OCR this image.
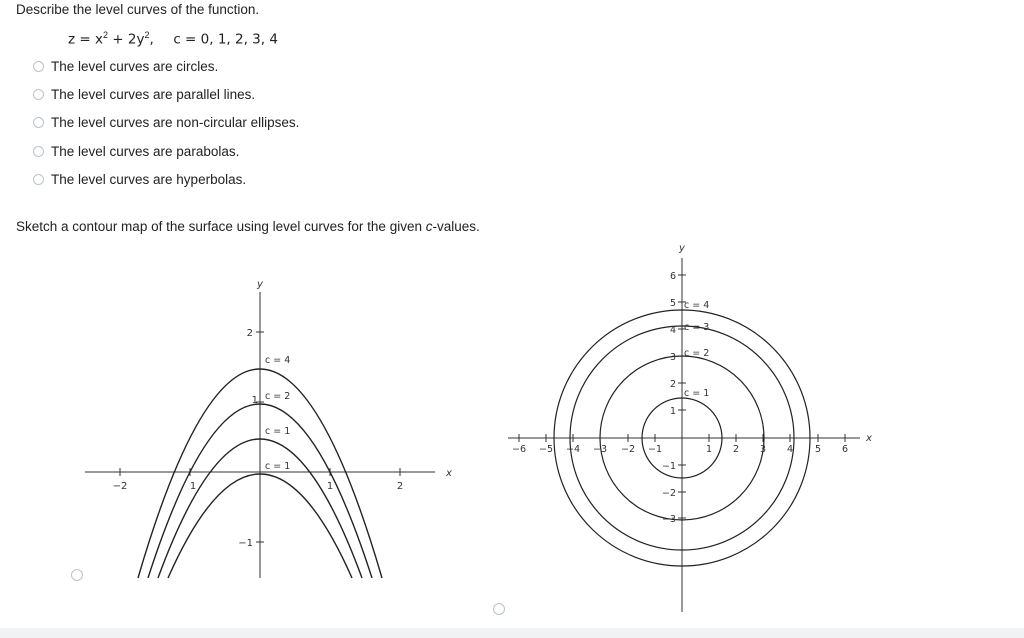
Describe the level curves of the function.
$z = x^2 + 2y^2$, c = 0, 1, 2, 3, 4
The level curves are circles.
The level curves are parallel lines.
The level curves are non-circular ellipses.
The level curves are parabolas.
The level curves are hyperbolas.
Sketch a contour map of the surface using level curves for the given c-values.
−2	1	1	2
2
1
−1
x
y
c = 4
c = 2
c = 1
c = 1
−6 −5 −4 −3 −2 −1	1 2 3 4 5 6
6
5
4
3
2
1
−1
−2
−3
x
y
c = 4
c = 3
c = 2
c = 1
